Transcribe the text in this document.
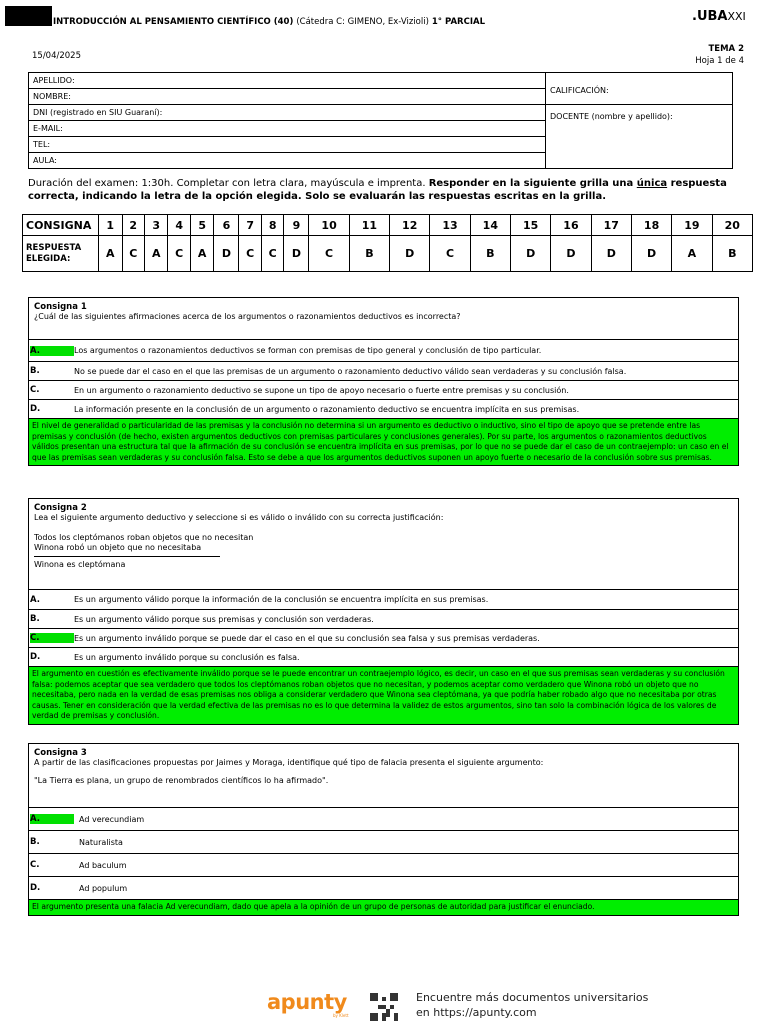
INTRODUCCIÓN AL PENSAMIENTO CIENTÍFICO (40) (Cátedra C: GIMENO, Ex-Vizioli) 1° PARCIAL	.UBAXXI
15/04/2025
TEMA 2
Hoja 1 de 4
APELLIDO:	CALIFICACIÓN:

NOMBRE:	
DNI (registrado en SIU Guaraní):	DOCENTE (nombre y apellido):

E-MAIL:	
TEL:	
AULA:	
Duración del examen: 1:30h. Completar con letra clara, mayúscula e imprenta. Responder en la siguiente grilla una única respuesta correcta, indicando la letra de la opción elegida. Solo se evaluarán las respuestas escritas en la grilla.
CONSIGNA	1	2	3	4	5	6	7	8	9	10	11	12	13	14	15	16	17	18	19	20
RESPUESTA
ELEGIDA:	A	C	A	C	A	D	C	C	D	C	B	D	C	B	D	D	D	D	A	B
Consigna 1
¿Cuál de las siguientes afirmaciones acerca de los argumentos o razonamientos deductivos es incorrecta?
A.	Los argumentos o razonamientos deductivos se forman con premisas de tipo general y conclusión de tipo particular.
B.	No se puede dar el caso en el que las premisas de un argumento o razonamiento deductivo válido sean verdaderas y su conclusión falsa.
C.	En un argumento o razonamiento deductivo se supone un tipo de apoyo necesario o fuerte entre premisas y su conclusión.
D.	La información presente en la conclusión de un argumento o razonamiento deductivo se encuentra implícita en sus premisas.
El nivel de generalidad o particularidad de las premisas y la conclusión no determina si un argumento es deductivo o inductivo, sino el tipo de apoyo que se pretende entre las premisas y conclusión (de hecho, existen argumentos deductivos con premisas particulares y conclusiones generales). Por su parte, los argumentos o razonamientos deductivos válidos presentan una estructura tal que la afirmación de su conclusión se encuentra implícita en sus premisas, por lo que no se puede dar el caso de un contraejemplo: un caso en el que las premisas sean verdaderas y su conclusión falsa. Esto se debe a que los argumentos deductivos suponen un apoyo fuerte o necesario de la conclusión sobre sus premisas.
Consigna 2
Lea el siguiente argumento deductivo y seleccione si es válido o inválido con su correcta justificación:
Todos los cleptómanos roban objetos que no necesitan
Winona robó un objeto que no necesitaba
Winona es cleptómana
A.	Es un argumento válido porque la información de la conclusión se encuentra implícita en sus premisas.
B.	Es un argumento válido porque sus premisas y conclusión son verdaderas.
C.	Es un argumento inválido porque se puede dar el caso en el que su conclusión sea falsa y sus premisas verdaderas.
D.	Es un argumento inválido porque su conclusión es falsa.
El argumento en cuestión es efectivamente inválido porque se le puede encontrar un contraejemplo lógico, es decir, un caso en el que sus premisas sean verdaderas y su conclusión falsa: podemos aceptar que sea verdadero que todos los cleptómanos roban objetos que no necesitan, y podemos aceptar como verdadero que Winona robó un objeto que no necesitaba, pero nada en la verdad de esas premisas nos obliga a considerar verdadero que Winona sea cleptómana, ya que podría haber robado algo que no necesitaba por otras causas. Tener en consideración que la verdad efectiva de las premisas no es lo que determina la validez de estos argumentos, sino tan solo la combinación lógica de los valores de verdad de premisas y conclusión.
Consigna 3
A partir de las clasificaciones propuestas por Jaimes y Moraga, identifique qué tipo de falacia presenta el siguiente argumento:
"La Tierra es plana, un grupo de renombrados científicos lo ha afirmado".
A.	Ad verecundiam
B.	Naturalista
C.	Ad baculum
D.	Ad populum
El argumento presenta una falacia Ad verecundiam, dado que apela a la opinión de un grupo de personas de autoridad para justificar el enunciado.
apunty
by Klett
Encuentre más documentos universitarios
en https://apunty.com
